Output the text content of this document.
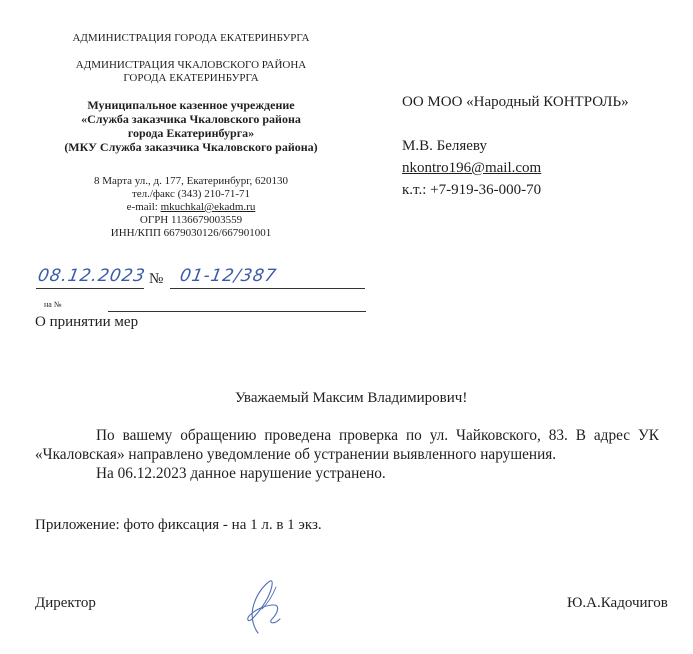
АДМИНИСТРАЦИЯ ГОРОДА ЕКАТЕРИНБУРГА
АДМИНИСТРАЦИЯ ЧКАЛОВСКОГО РАЙОНА
ГОРОДА ЕКАТЕРИНБУРГА
Муниципальное казенное учреждение
«Служба заказчика Чкаловского района
города Екатеринбурга»
(МКУ Служба заказчика Чкаловского района)
8 Марта ул., д. 177, Екатеринбург, 620130
тел./факс (343) 210-71-71
e-mail: mkuchkal@ekadm.ru
ОГРН 1136679003559
ИНН/КПП 6679030126/667901001
ОО МОО «Народный КОНТРОЛЬ»
М.В. Беляеву
nkontro196@mail.com
к.т.: +7-919-36-000-70
08.12.2023 № 01-12/387
на №
О принятии мер
Уважаемый Максим Владимирович!
По вашему обращению проведена проверка по ул. Чайковского, 83. В адрес УК «Чкаловская» направлено уведомление об устранении выявленного нарушения.
На 06.12.2023 данное нарушение устранено.
Приложение: фото фиксация - на 1 л. в 1 экз.
Директор	Ю.А.Кадочигов
